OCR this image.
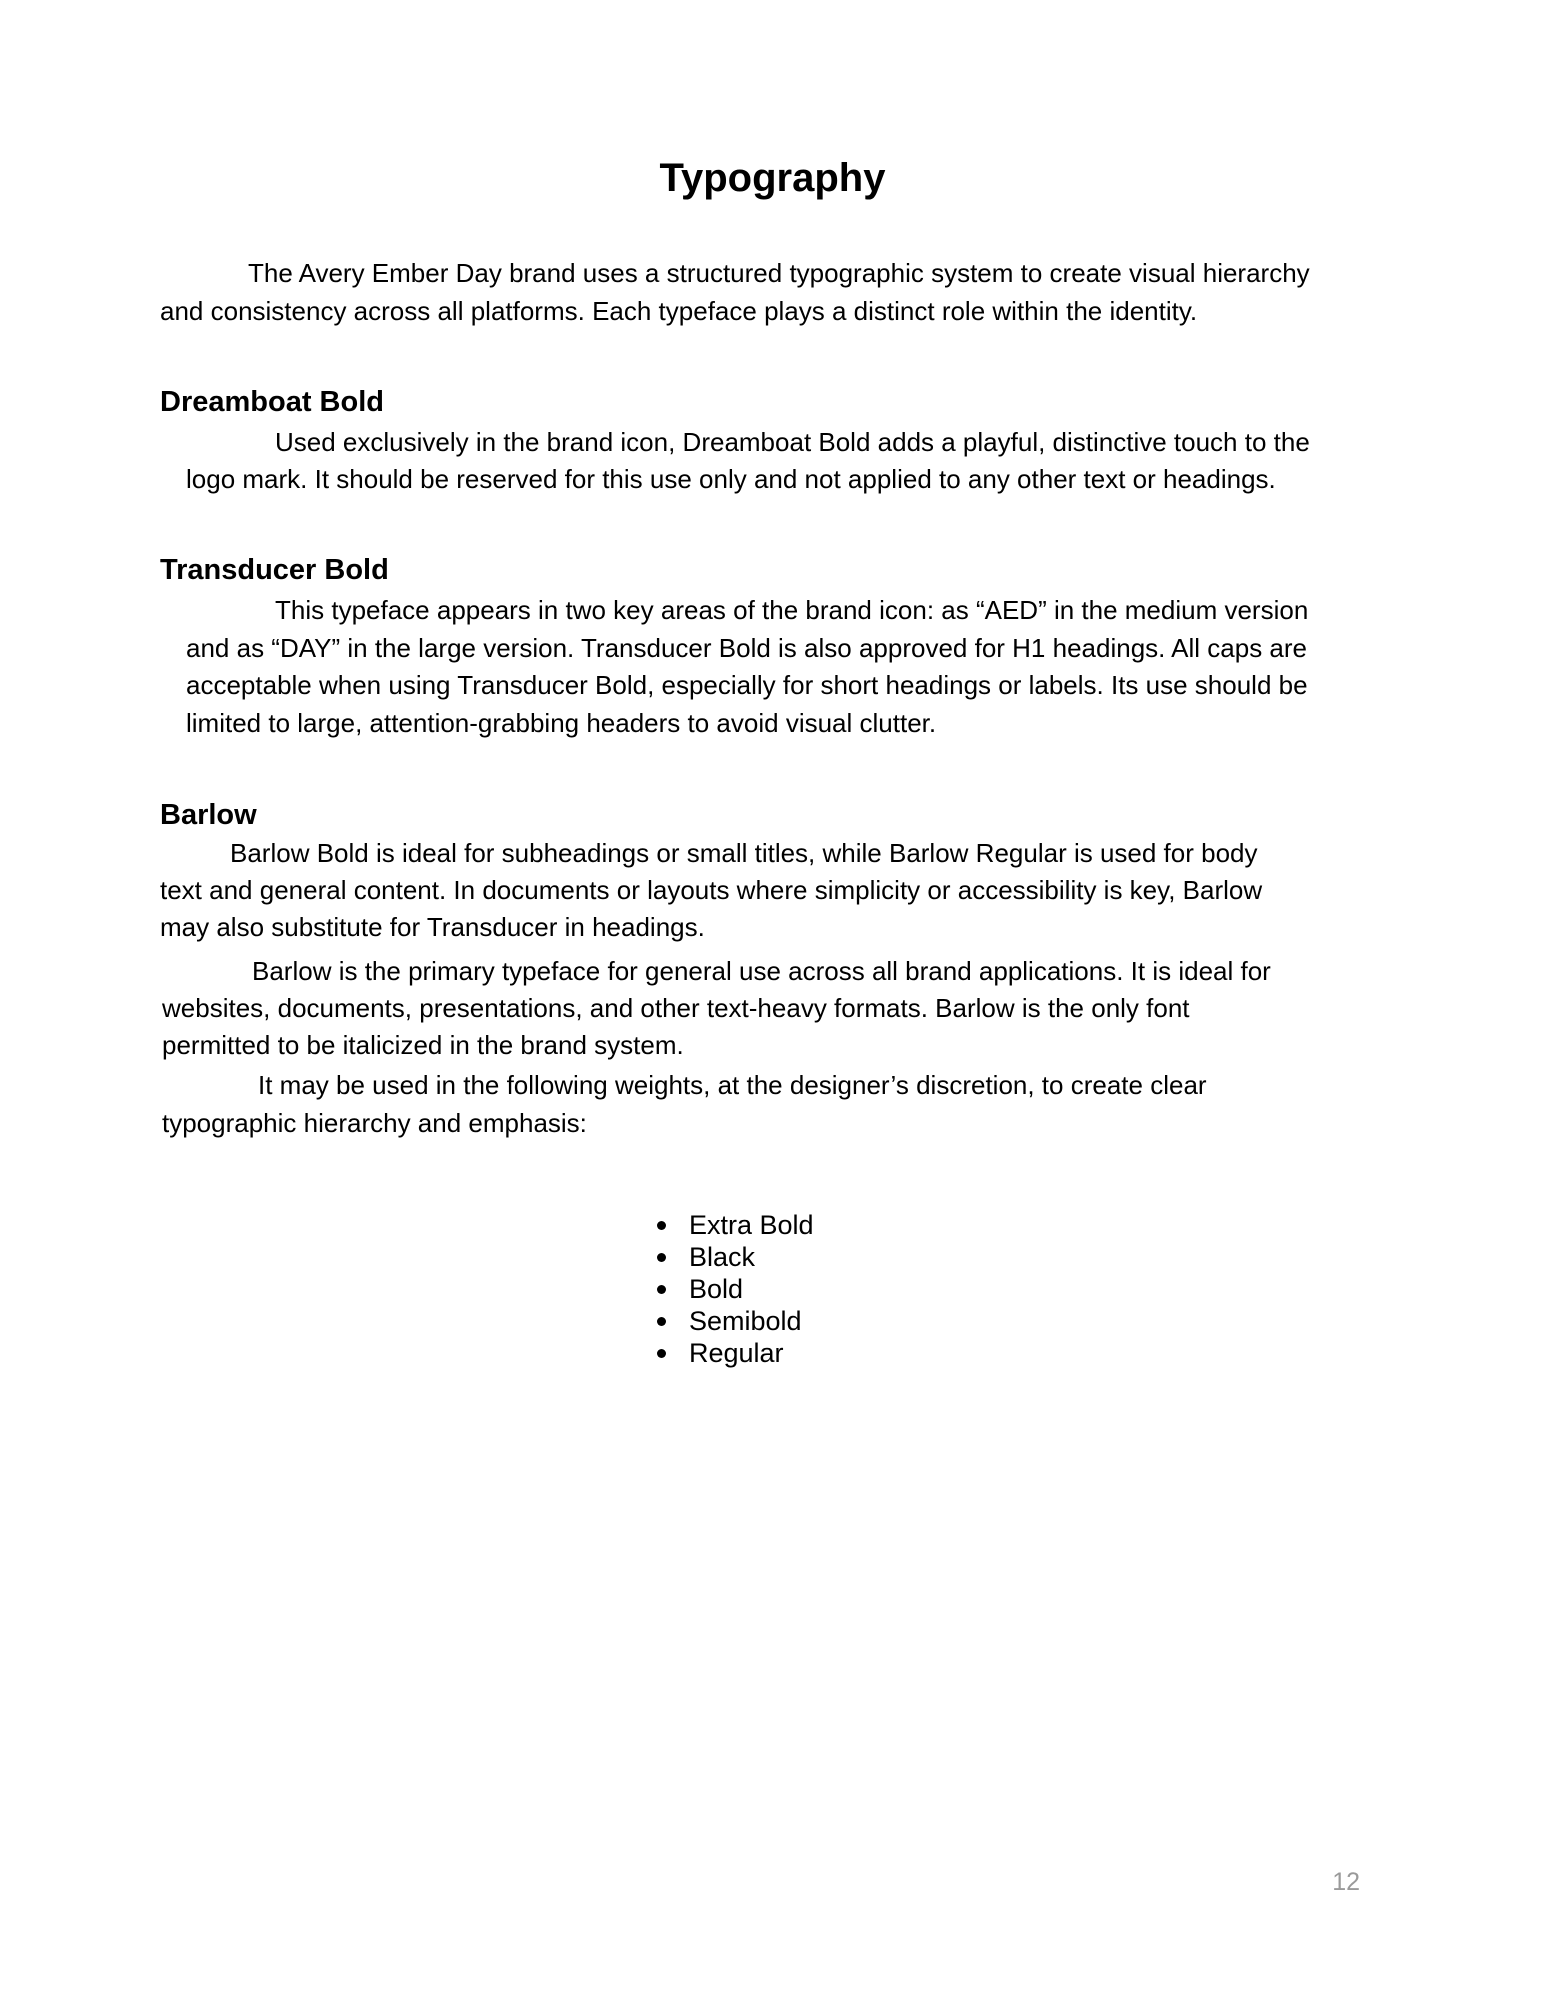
Typography

The Avery Ember Day brand uses a structured typographic system to create visual hierarchy
and consistency across all platforms. Each typeface plays a distinct role within the identity.

Dreamboat Bold

Used exclusively in the brand icon, Dreamboat Bold adds a playful, distinctive touch to the
logo mark. It should be reserved for this use only and not applied to any other text or headings.

Transducer Bold

This typeface appears in two key areas of the brand icon: as “AED” in the medium version
and as “DAY” in the large version. Transducer Bold is also approved for H1 headings. All caps are
acceptable when using Transducer Bold, especially for short headings or labels. Its use should be
limited to large, attention-grabbing headers to avoid visual clutter.

Barlow

Barlow Bold is ideal for subheadings or small titles, while Barlow Regular is used for body
text and general content. In documents or layouts where simplicity or accessibility is key, Barlow
may also substitute for Transducer in headings.

Barlow is the primary typeface for general use across all brand applications. It is ideal for
websites, documents, presentations, and other text-heavy formats. Barlow is the only font
permitted to be italicized in the brand system.

It may be used in the following weights, at the designer’s discretion, to create clear
typographic hierarchy and emphasis:

Extra Bold
Black
Bold
Semibold
Regular
12
